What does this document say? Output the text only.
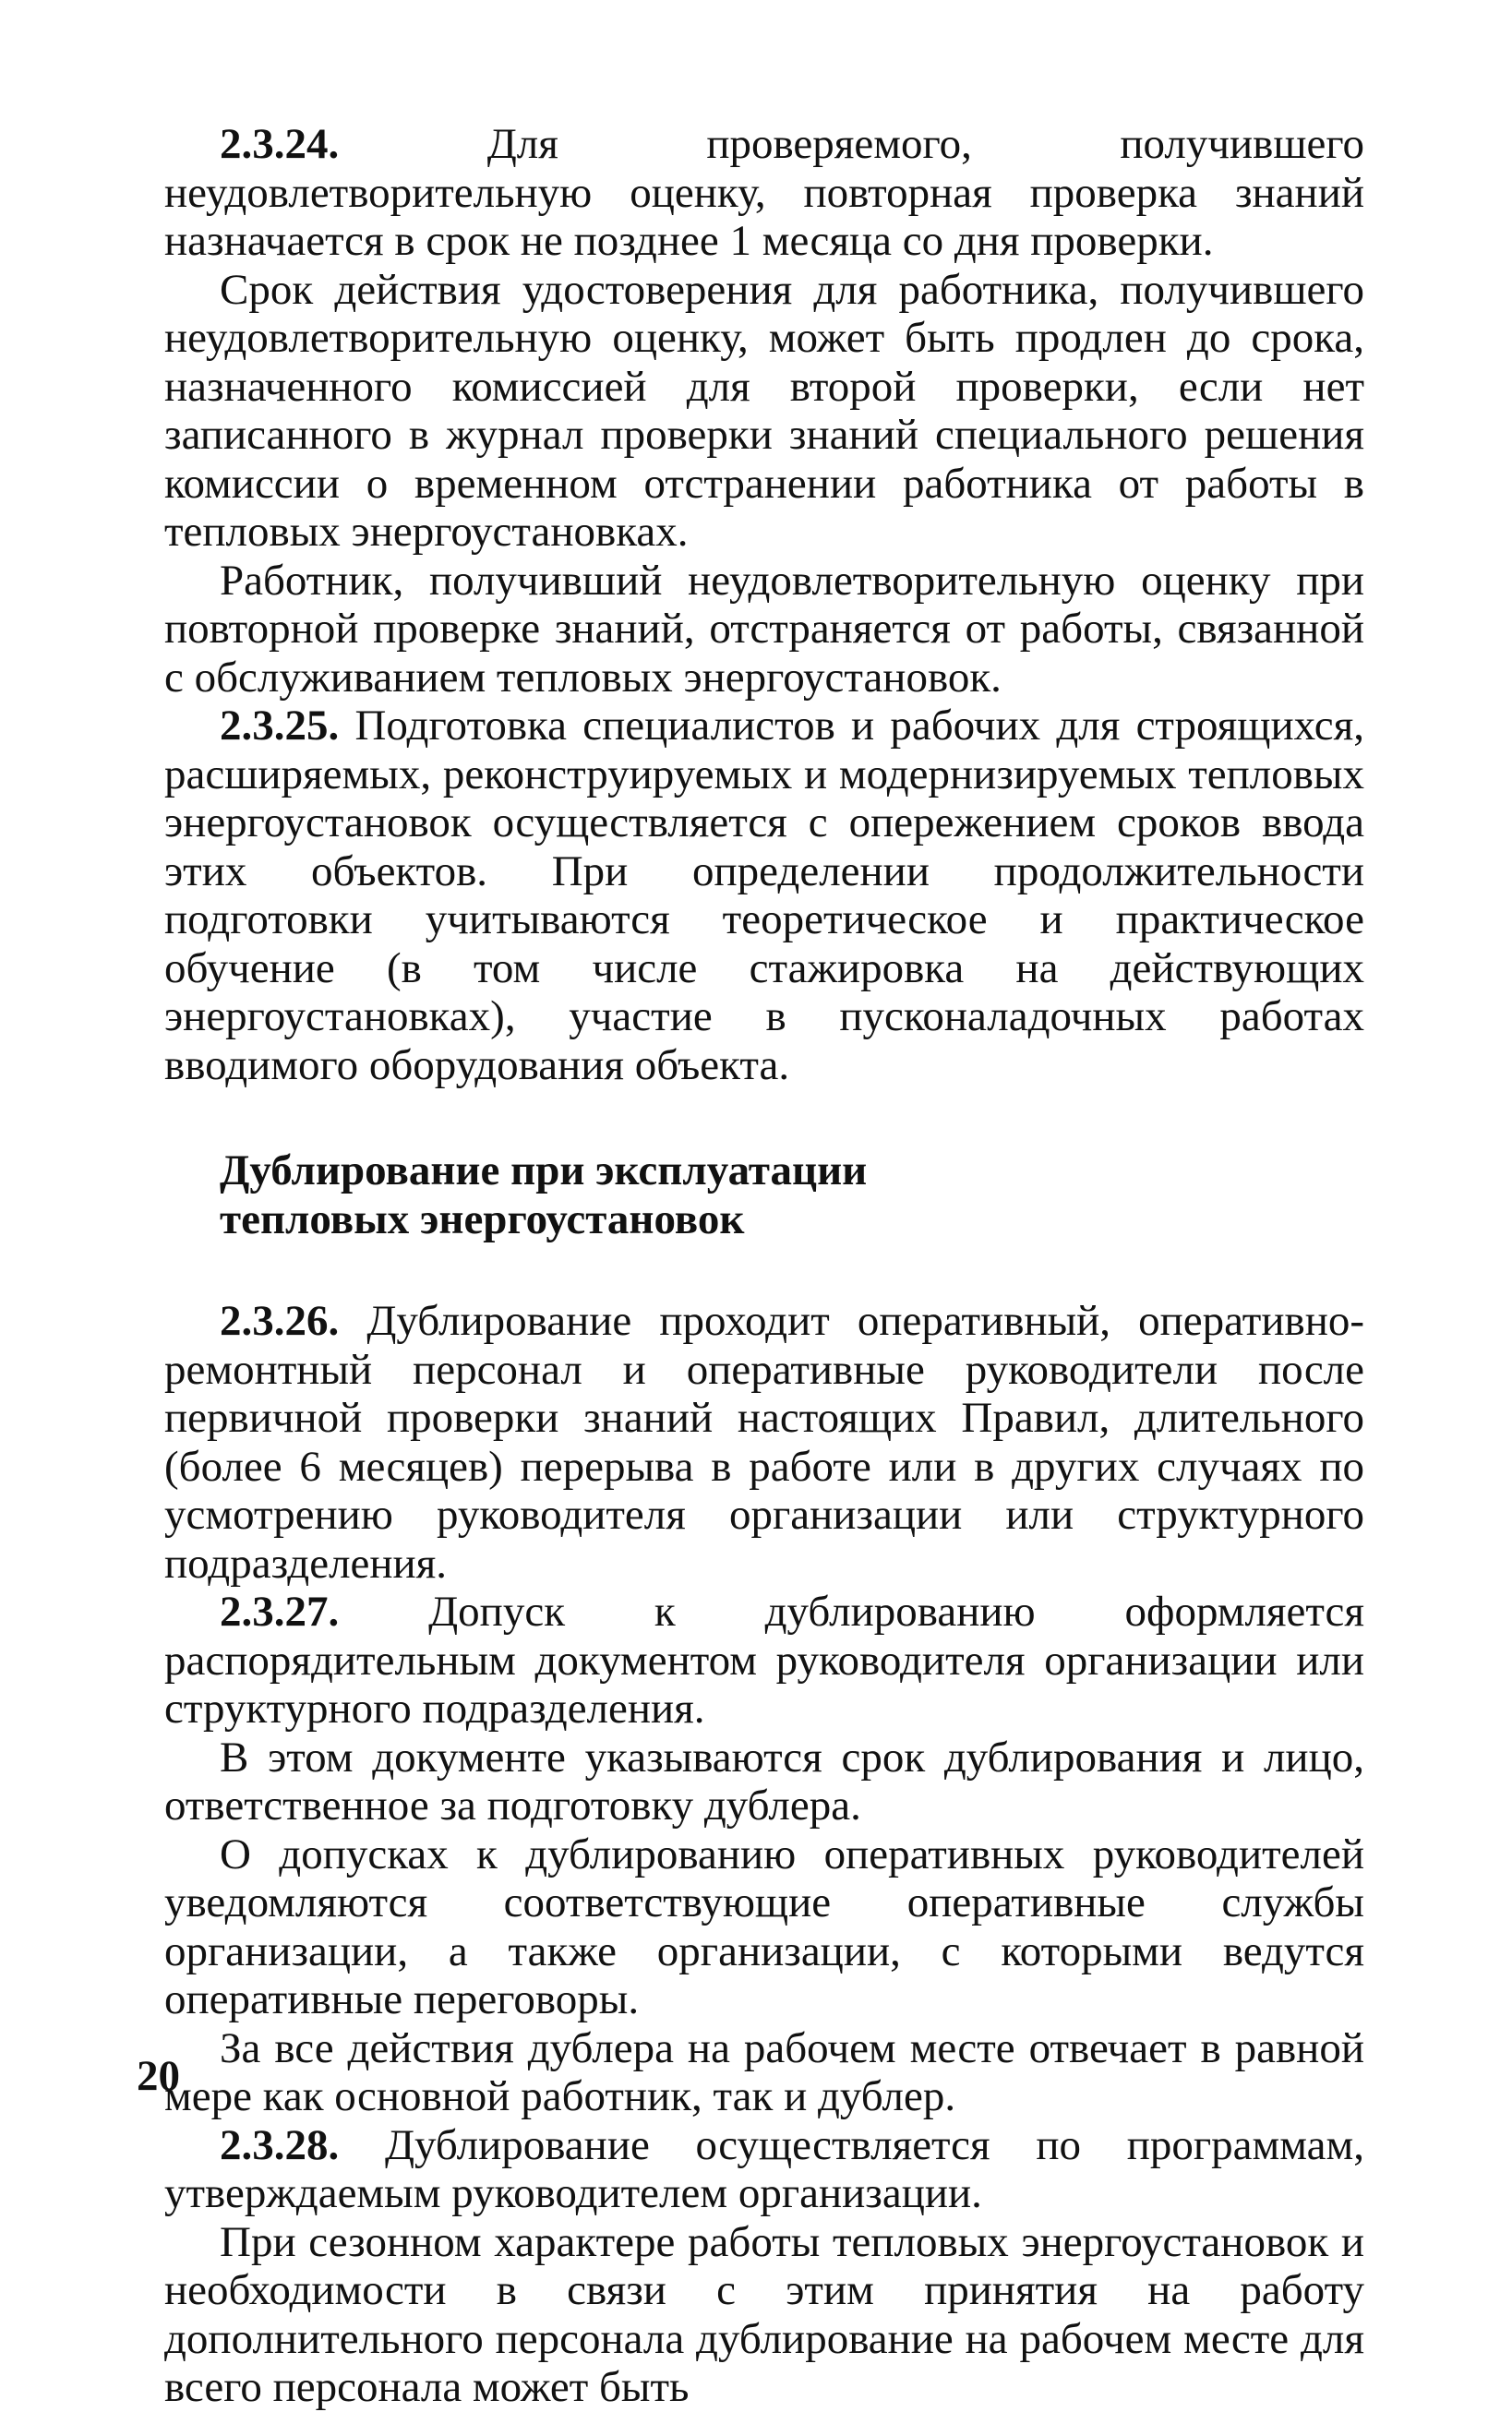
2.3.24. Для проверяемого, получившего неудовлетворительную оценку, повторная проверка знаний назначается в срок не позднее 1 месяца со дня проверки.

Срок действия удостоверения для работника, получившего неудовлетворительную оценку, может быть продлен до срока, назначенного комиссией для второй проверки, если нет записанного в журнал проверки знаний специального решения комиссии о временном отстранении работника от работы в тепловых энергоустановках.

Работник, получивший неудовлетворительную оценку при повторной проверке знаний, отстраняется от работы, связанной с обслуживанием тепловых энергоустановок.

2.3.25. Подготовка специалистов и рабочих для строящихся, расширяемых, реконструируемых и модернизируемых тепловых энергоустановок осуществляется с опережением сроков ввода этих объектов. При определении продолжительности подготовки учитываются теоретическое и практическое обучение (в том числе стажировка на действующих энергоустановках), участие в пусконаладочных работах вводимого оборудования объекта.

Дублирование при эксплуатации
тепловых энергоустановок

2.3.26. Дублирование проходит оперативный, оперативно-ремонтный персонал и оперативные руководители после первичной проверки знаний настоящих Правил, длительного (более 6 месяцев) перерыва в работе или в других случаях по усмотрению руководителя организации или структурного подразделения.

2.3.27. Допуск к дублированию оформляется распорядительным документом руководителя организации или структурного подразделения.

В этом документе указываются срок дублирования и лицо, ответственное за подготовку дублера.

О допусках к дублированию оперативных руководителей уведомляются соответствующие оперативные службы организации, а также организации, с которыми ведутся оперативные переговоры.

За все действия дублера на рабочем месте отвечает в равной мере как основной работник, так и дублер.

2.3.28. Дублирование осуществляется по программам, утверждаемым руководителем организации.

При сезонном характере работы тепловых энергоустановок и необходимости в связи с этим принятия на работу дополнительного персонала дублирование на рабочем месте для всего персонала может быть

20
